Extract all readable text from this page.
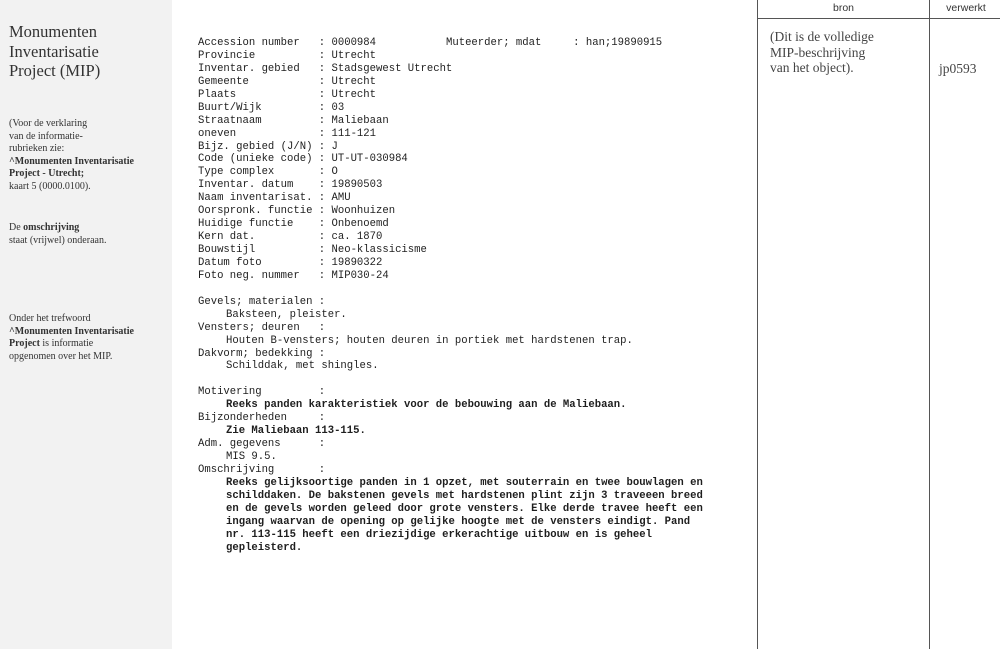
Monumenten
Inventarisatie
Project (MIP)
(Voor de verklaring
van de informatie-
rubrieken zie:
^Monumenten Inventarisatie
Project - Utrecht;
kaart 5 (0000.0100).
De omschrijving
staat (vrijwel) onderaan.
Onder het trefwoord
^Monumenten Inventarisatie
Project is informatie
opgenomen over het MIP.
Muteerder; mdat     : han;19890915
Accession number   : 0000984
Provincie          : Utrecht
Inventar. gebied   : Stadsgewest Utrecht
Gemeente           : Utrecht
Plaats             : Utrecht
Buurt/Wijk         : 03
Straatnaam         : Maliebaan
oneven             : 111-121
Bijz. gebied (J/N) : J
Code (unieke code) : UT-UT-030984
Type complex       : O
Inventar. datum    : 19890503
Naam inventarisat. : AMU
Oorspronk. functie : Woonhuizen
Huidige functie    : Onbenoemd
Kern dat.          : ca. 1870
Bouwstijl          : Neo-klassicisme
Datum foto         : 19890322
Foto neg. nummer   : MIP030-24
Gevels; materialen :
Baksteen, pleister.
Vensters; deuren   :
Houten B-vensters; houten deuren in portiek met hardstenen trap.
Dakvorm; bedekking :
Schilddak, met shingles.
Motivering         :
Reeks panden karakteristiek voor de bebouwing aan de Maliebaan.
Bijzonderheden     :
Zie Maliebaan 113-115.
Adm. gegevens      :
MIS 9.5.
Omschrijving       :
Reeks gelijksoortige panden in 1 opzet, met souterrain en twee bouwlagen en
schilddaken. De bakstenen gevels met hardstenen plint zijn 3 traveeen breed
en de gevels worden geleed door grote vensters. Elke derde travee heeft een
ingang waarvan de opening op gelijke hoogte met de vensters eindigt. Pand
nr. 113-115 heeft een driezijdige erkerachtige uitbouw en is geheel
gepleisterd.
bron	verwerkt
(Dit is de volledige
MIP-beschrijving
van het object).	jp0593
